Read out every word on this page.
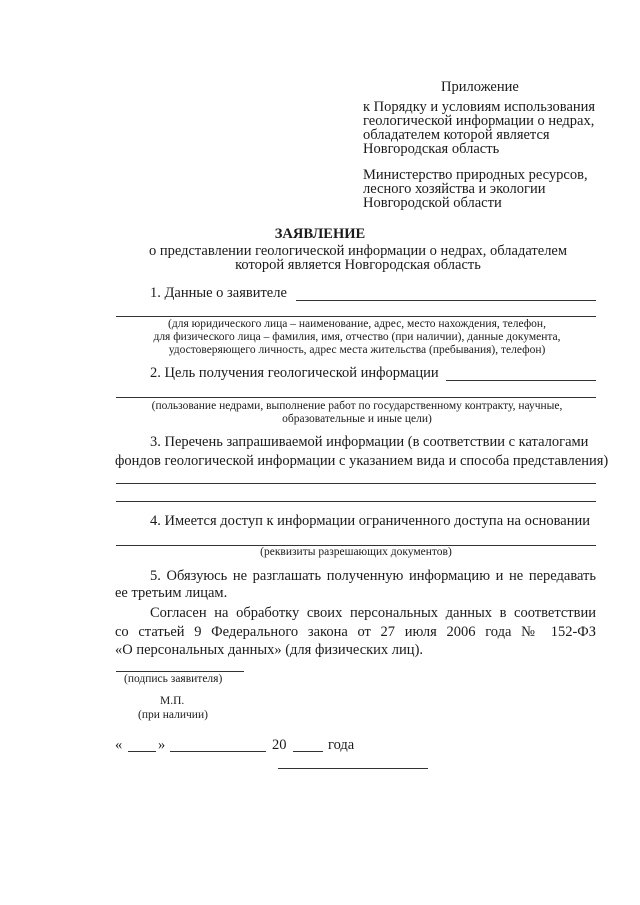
Приложение
к Порядку и условиям использования
геологической информации о недрах,
обладателем которой является
Новгородская область
Министерство природных ресурсов,
лесного хозяйства и экологии
Новгородской области
ЗАЯВЛЕНИЕ
о представлении геологической информации о недрах, обладателем
которой является Новгородская область
1. Данные о заявителе
(для юридического лица – наименование, адрес, место нахождения, телефон,
для физического лица – фамилия, имя, отчество (при наличии), данные документа,
удостоверяющего личность, адрес места жительства (пребывания), телефон)
2. Цель получения геологической информации
(пользование недрами, выполнение работ по государственному контракту, научные,
образовательные и иные цели)
3. Перечень запрашиваемой информации (в соответствии с каталогами
фондов геологической информации с указанием вида и способа представления)
4. Имеется доступ к информации ограниченного доступа на основании
(реквизиты разрешающих документов)
5. Обязуюсь не разглашать полученную информацию и не передавать
ее третьим лицам.
Согласен на обработку своих персональных данных в соответствии
со статьей 9 Федерального закона от 27 июля 2006 года № 152-ФЗ
«О персональных данных» (для физических лиц).
(подпись заявителя)
М.П.
(при наличии)
« »	20	года
